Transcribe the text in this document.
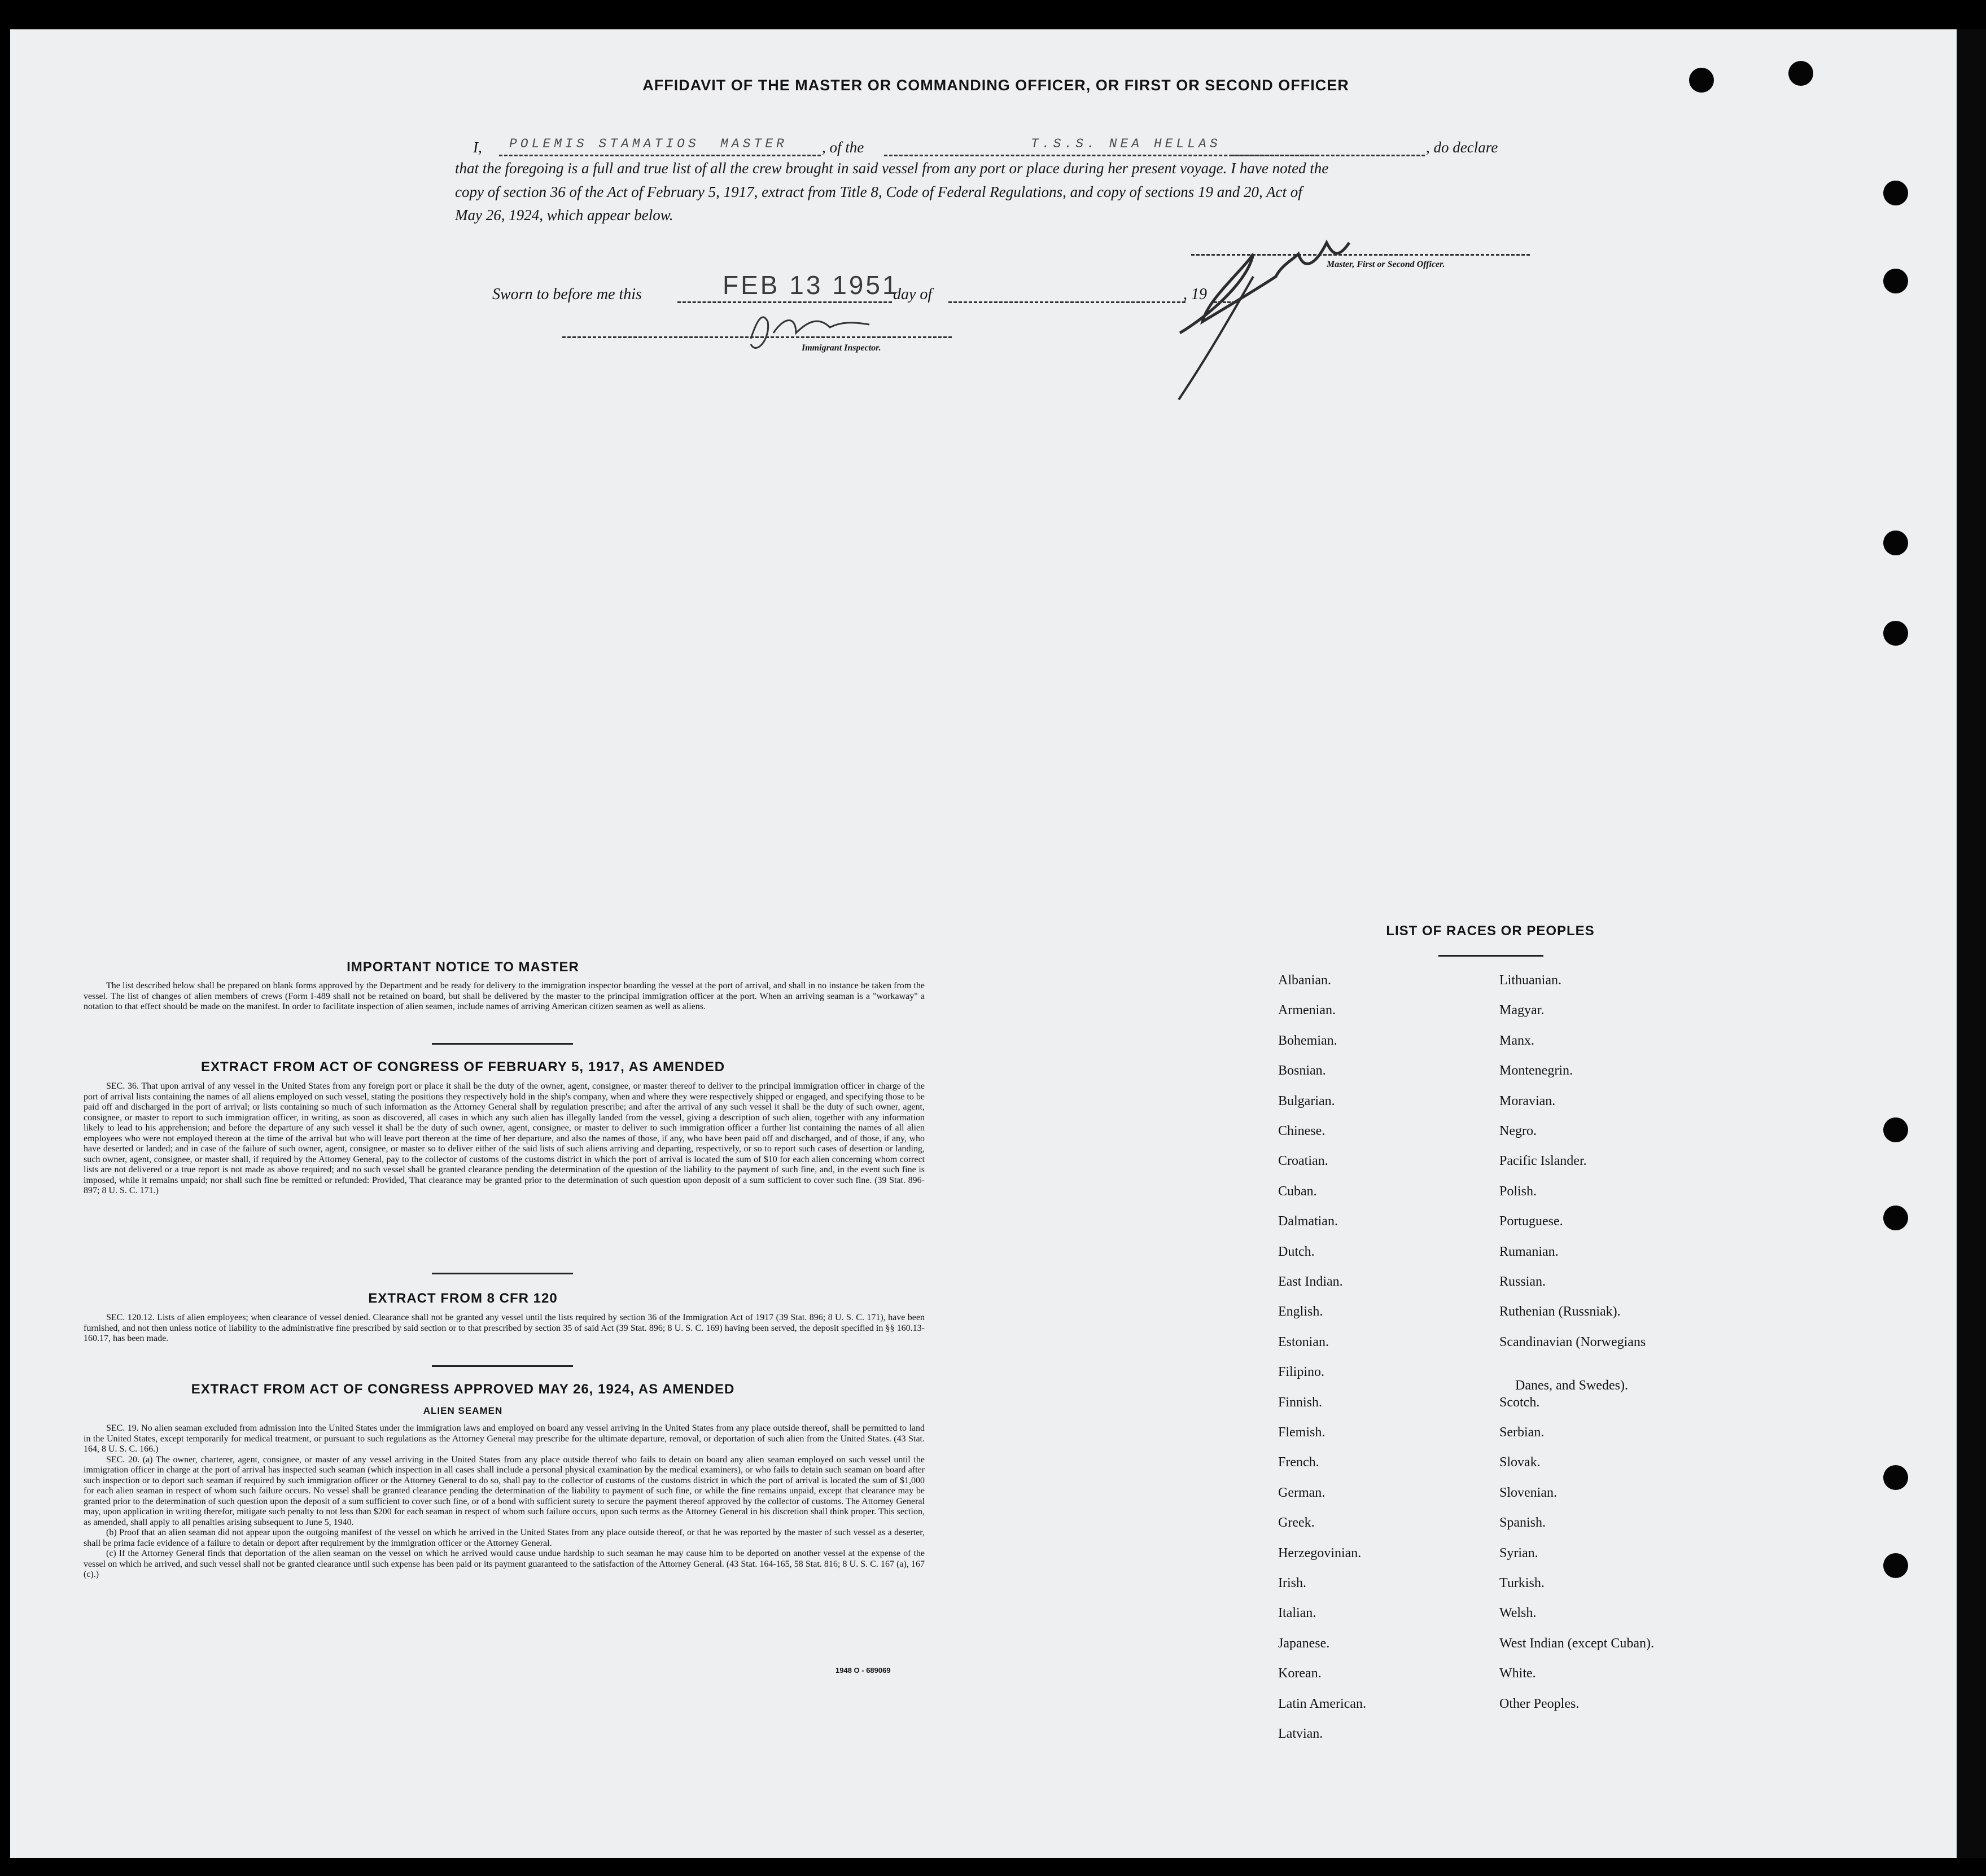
AFFIDAVIT OF THE MASTER OR COMMANDING OFFICER, OR FIRST OR SECOND OFFICER
I, POLEMIS STAMATIOS MASTER , of the	T.S.S. NEA HELLAS	, do declare
that the foregoing is a full and true list of all the crew brought in said vessel from any port or place during her present voyage. I have noted the
copy of section 36 of the Act of February 5, 1917, extract from Title 8, Code of Federal Regulations, and copy of sections 19 and 20, Act of
May 26, 1924, which appear below.
Master, First or Second Officer.
Sworn to before me this	FEB 13 1951
day of	, 19
Immigrant Inspector.
IMPORTANT NOTICE TO MASTER

The list described below shall be prepared on blank forms approved by the Department and be ready for delivery to the immigration inspector boarding the vessel at the port of arrival, and shall in no instance be taken from the vessel. The list of changes of alien members of crews (Form I-489 shall not be retained on board, but shall be delivered by the master to the principal immigration officer at the port. When an arriving seaman is a "workaway" a notation to that effect should be made on the manifest. In order to facilitate inspection of alien seamen, include names of arriving American citizen seamen as well as aliens.

EXTRACT FROM ACT OF CONGRESS OF FEBRUARY 5, 1917, AS AMENDED

SEC. 36. That upon arrival of any vessel in the United States from any foreign port or place it shall be the duty of the owner, agent, consignee, or master thereof to deliver to the principal immigration officer in charge of the port of arrival lists containing the names of all aliens employed on such vessel, stating the positions they respectively hold in the ship's company, when and where they were respectively shipped or engaged, and specifying those to be paid off and discharged in the port of arrival; or lists containing so much of such information as the Attorney General shall by regulation prescribe; and after the arrival of any such vessel it shall be the duty of such owner, agent, consignee, or master to report to such immigration officer, in writing, as soon as discovered, all cases in which any such alien has illegally landed from the vessel, giving a description of such alien, together with any information likely to lead to his apprehension; and before the departure of any such vessel it shall be the duty of such owner, agent, consignee, or master to deliver to such immigration officer a further list containing the names of all alien employees who were not employed thereon at the time of the arrival but who will leave port thereon at the time of her departure, and also the names of those, if any, who have been paid off and discharged, and of those, if any, who have deserted or landed; and in case of the failure of such owner, agent, consignee, or master so to deliver either of the said lists of such aliens arriving and departing, respectively, or so to report such cases of desertion or landing, such owner, agent, consignee, or master shall, if required by the Attorney General, pay to the collector of customs of the customs district in which the port of arrival is located the sum of $10 for each alien concerning whom correct lists are not delivered or a true report is not made as above required; and no such vessel shall be granted clearance pending the determination of the question of the liability to the payment of such fine, and, in the event such fine is imposed, while it remains unpaid; nor shall such fine be remitted or refunded: Provided, That clearance may be granted prior to the determination of such question upon deposit of a sum sufficient to cover such fine. (39 Stat. 896-897; 8 U. S. C. 171.)

EXTRACT FROM 8 CFR 120

SEC. 120.12. Lists of alien employees; when clearance of vessel denied. Clearance shall not be granted any vessel until the lists required by section 36 of the Immigration Act of 1917 (39 Stat. 896; 8 U. S. C. 171), have been furnished, and not then unless notice of liability to the administrative fine prescribed by said section or to that prescribed by section 35 of said Act (39 Stat. 896; 8 U. S. C. 169) having been served, the deposit specified in §§ 160.13-160.17, has been made.

EXTRACT FROM ACT OF CONGRESS APPROVED MAY 26, 1924, AS AMENDED
ALIEN SEAMEN

SEC. 19. No alien seaman excluded from admission into the United States under the immigration laws and employed on board any vessel arriving in the United States from any place outside thereof, shall be permitted to land in the United States, except temporarily for medical treatment, or pursuant to such regulations as the Attorney General may prescribe for the ultimate departure, removal, or deportation of such alien from the United States. (43 Stat. 164, 8 U. S. C. 166.)

SEC. 20. (a) The owner, charterer, agent, consignee, or master of any vessel arriving in the United States from any place outside thereof who fails to detain on board any alien seaman employed on such vessel until the immigration officer in charge at the port of arrival has inspected such seaman (which inspection in all cases shall include a personal physical examination by the medical examiners), or who fails to detain such seaman on board after such inspection or to deport such seaman if required by such immigration officer or the Attorney General to do so, shall pay to the collector of customs of the customs district in which the port of arrival is located the sum of $1,000 for each alien seaman in respect of whom such failure occurs. No vessel shall be granted clearance pending the determination of the liability to payment of such fine, or while the fine remains unpaid, except that clearance may be granted prior to the determination of such question upon the deposit of a sum sufficient to cover such fine, or of a bond with sufficient surety to secure the payment thereof approved by the collector of customs. The Attorney General may, upon application in writing therefor, mitigate such penalty to not less than $200 for each seaman in respect of whom such failure occurs, upon such terms as the Attorney General in his discretion shall think proper. This section, as amended, shall apply to all penalties arising subsequent to June 5, 1940.

(b) Proof that an alien seaman did not appear upon the outgoing manifest of the vessel on which he arrived in the United States from any place outside thereof, or that he was reported by the master of such vessel as a deserter, shall be prima facie evidence of a failure to detain or deport after requirement by the immigration officer or the Attorney General.

(c) If the Attorney General finds that deportation of the alien seaman on the vessel on which he arrived would cause undue hardship to such seaman he may cause him to be deported on another vessel at the expense of the vessel on which he arrived, and such vessel shall not be granted clearance until such expense has been paid or its payment guaranteed to the satisfaction of the Attorney General. (43 Stat. 164-165, 58 Stat. 816; 8 U. S. C. 167 (a), 167 (c).)

1948 O - 689069
LIST OF RACES OR PEOPLES
Albanian.
Armenian.
Bohemian.
Bosnian.
Bulgarian.
Chinese.
Croatian.
Cuban.
Dalmatian.
Dutch.
East Indian.
English.
Estonian.
Filipino.
Finnish.
Flemish.
French.
German.
Greek.
Herzegovinian.
Irish.
Italian.
Japanese.
Korean.
Latin American.
Latvian.
Lithuanian.
Magyar.
Manx.
Montenegrin.
Moravian.
Negro.
Pacific Islander.
Polish.
Portuguese.
Rumanian.
Russian.
Ruthenian (Russniak).
Scandinavian (Norwegians
Danes, and Swedes).
Scotch.
Serbian.
Slovak.
Slovenian.
Spanish.
Syrian.
Turkish.
Welsh.
West Indian (except Cuban).
White.
Other Peoples.
